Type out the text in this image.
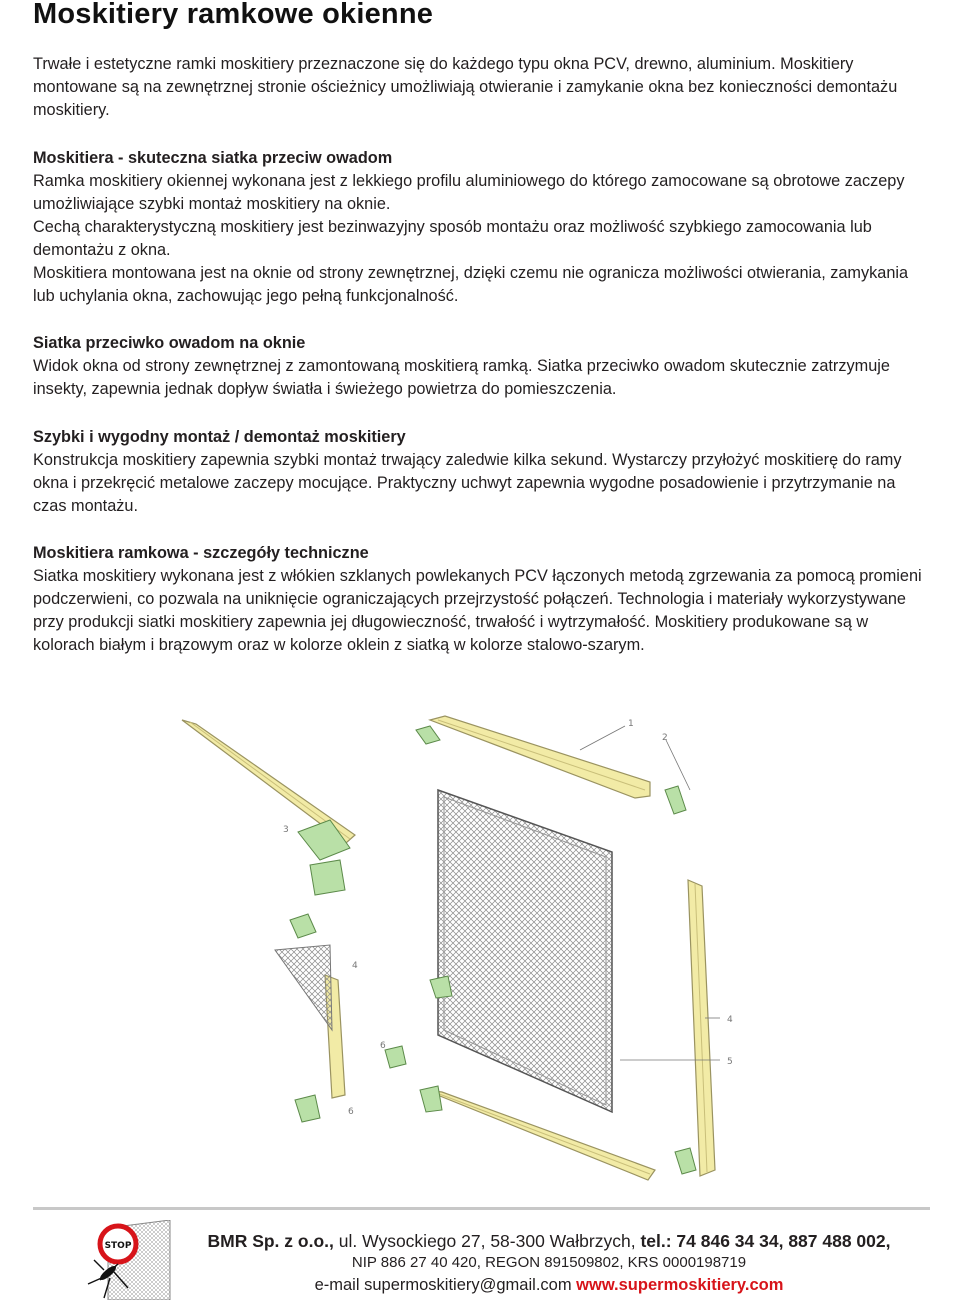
Moskitiery ramkowe okienne

Trwałe i estetyczne ramki moskitiery przeznaczone się do każdego typu okna PCV, drewno, aluminium. Moskitiery montowane są na zewnętrznej stronie ościeżnicy umożliwiają otwieranie i zamykanie okna bez konieczności demontażu moskitiery.

Moskitiera - skuteczna siatka przeciw owadom

Ramka moskitiery okiennej wykonana jest z lekkiego profilu aluminiowego do którego zamocowane są obrotowe zaczepy umożliwiające szybki montaż moskitiery na oknie.

Cechą charakterystyczną moskitiery jest bezinwazyjny sposób montażu oraz możliwość szybkiego zamocowania lub demontażu z okna.

Moskitiera montowana jest na oknie od strony zewnętrznej, dzięki czemu nie ogranicza możliwości otwierania, zamykania lub uchylania okna, zachowując jego pełną funkcjonalność.

Siatka przeciwko owadom na oknie

Widok okna od strony zewnętrznej z zamontowaną moskitierą ramką. Siatka przeciwko owadom skutecznie zatrzymuje insekty, zapewnia jednak dopływ światła i świeżego powietrza do pomieszczenia.

Szybki i wygodny montaż / demontaż moskitiery

Konstrukcja moskitiery zapewnia szybki montaż trwający zaledwie kilka sekund. Wystarczy przyłożyć moskitierę do ramy okna i przekręcić metalowe zaczepy mocujące. Praktyczny uchwyt zapewnia wygodne posadowienie i przytrzymanie na czas montażu.

Moskitiera ramkowa - szczegóły techniczne

Siatka moskitiery wykonana jest z włókien szklanych powlekanych PCV łączonych metodą zgrzewania za pomocą promieni podczerwieni, co pozwala na uniknięcie ograniczających przejrzystość połączeń. Technologia i materiały wykorzystywane przy produkcji siatki moskitiery zapewnia jej długowieczność, trwałość i wytrzymałość. Moskitiery produkowane są w kolorach białym i brązowym oraz w kolorze oklein z siatką w kolorze stalowo-szarym.

1
2
3
4
4
5
6
6
STOP	BMR Sp. z o.o., ul. Wysockiego 27, 58-300 Wałbrzych, tel.: 74 846 34 34, 887 488 002,
NIP 886 27 40 420, REGON 891509802, KRS 0000198719
e-mail supermoskitiery@gmail.com www.supermoskitiery.com
